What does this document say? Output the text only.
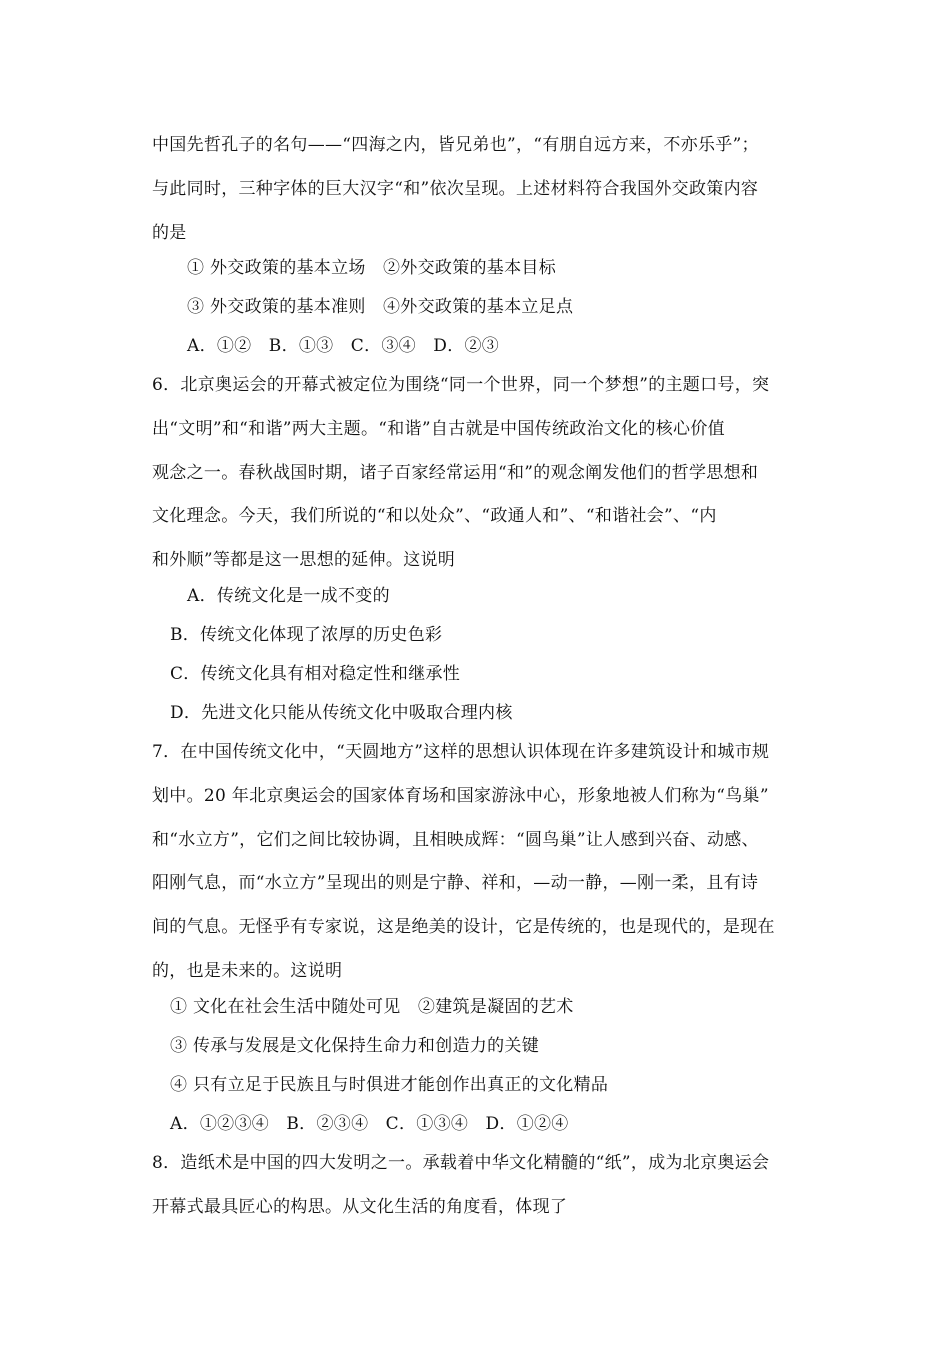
中国先哲孔子的名句——“四海之内，皆兄弟也”，“有朋自远方来，不亦乐乎”；
与此同时，三种字体的巨大汉字“和”依次呈现。上述材料符合我国外交政策内容
的是
① 外交政策的基本立场　②外交政策的基本目标
③ 外交政策的基本准则　④外交政策的基本立足点
A．①②　B．①③　C．③④　D．②③
6．北京奥运会的开幕式被定位为围绕“同一个世界，同一个梦想”的主题口号，突
出“文明”和“和谐”两大主题。“和谐”自古就是中国传统政治文化的核心价值
观念之一。春秋战国时期，诸子百家经常运用“和”的观念阐发他们的哲学思想和
文化理念。今天，我们所说的“和以处众”、“政通人和”、“和谐社会”、“内
和外顺”等都是这一思想的延伸。这说明
A．传统文化是一成不变的
B．传统文化体现了浓厚的历史色彩
C．传统文化具有相对稳定性和继承性
D．先进文化只能从传统文化中吸取合理内核
7．在中国传统文化中，“天圆地方”这样的思想认识体现在许多建筑设计和城市规
划中。20 年北京奥运会的国家体育场和国家游泳中心，形象地被人们称为“鸟巢”
和“水立方”，它们之间比较协调，且相映成辉：“圆鸟巢”让人感到兴奋、动感、
阳刚气息，而“水立方”呈现出的则是宁静、祥和，—动一静，—刚一柔，且有诗
间的气息。无怪乎有专家说，这是绝美的设计，它是传统的，也是现代的，是现在
的，也是未来的。这说明
① 文化在社会生活中随处可见　②建筑是凝固的艺术
③ 传承与发展是文化保持生命力和创造力的关键
④ 只有立足于民族且与时俱进才能创作出真正的文化精品
A．①②③④　B．②③④　C．①③④　D．①②④
8．造纸术是中国的四大发明之一。承载着中华文化精髓的“纸”，成为北京奥运会
开幕式最具匠心的构思。从文化生活的角度看，体现了
